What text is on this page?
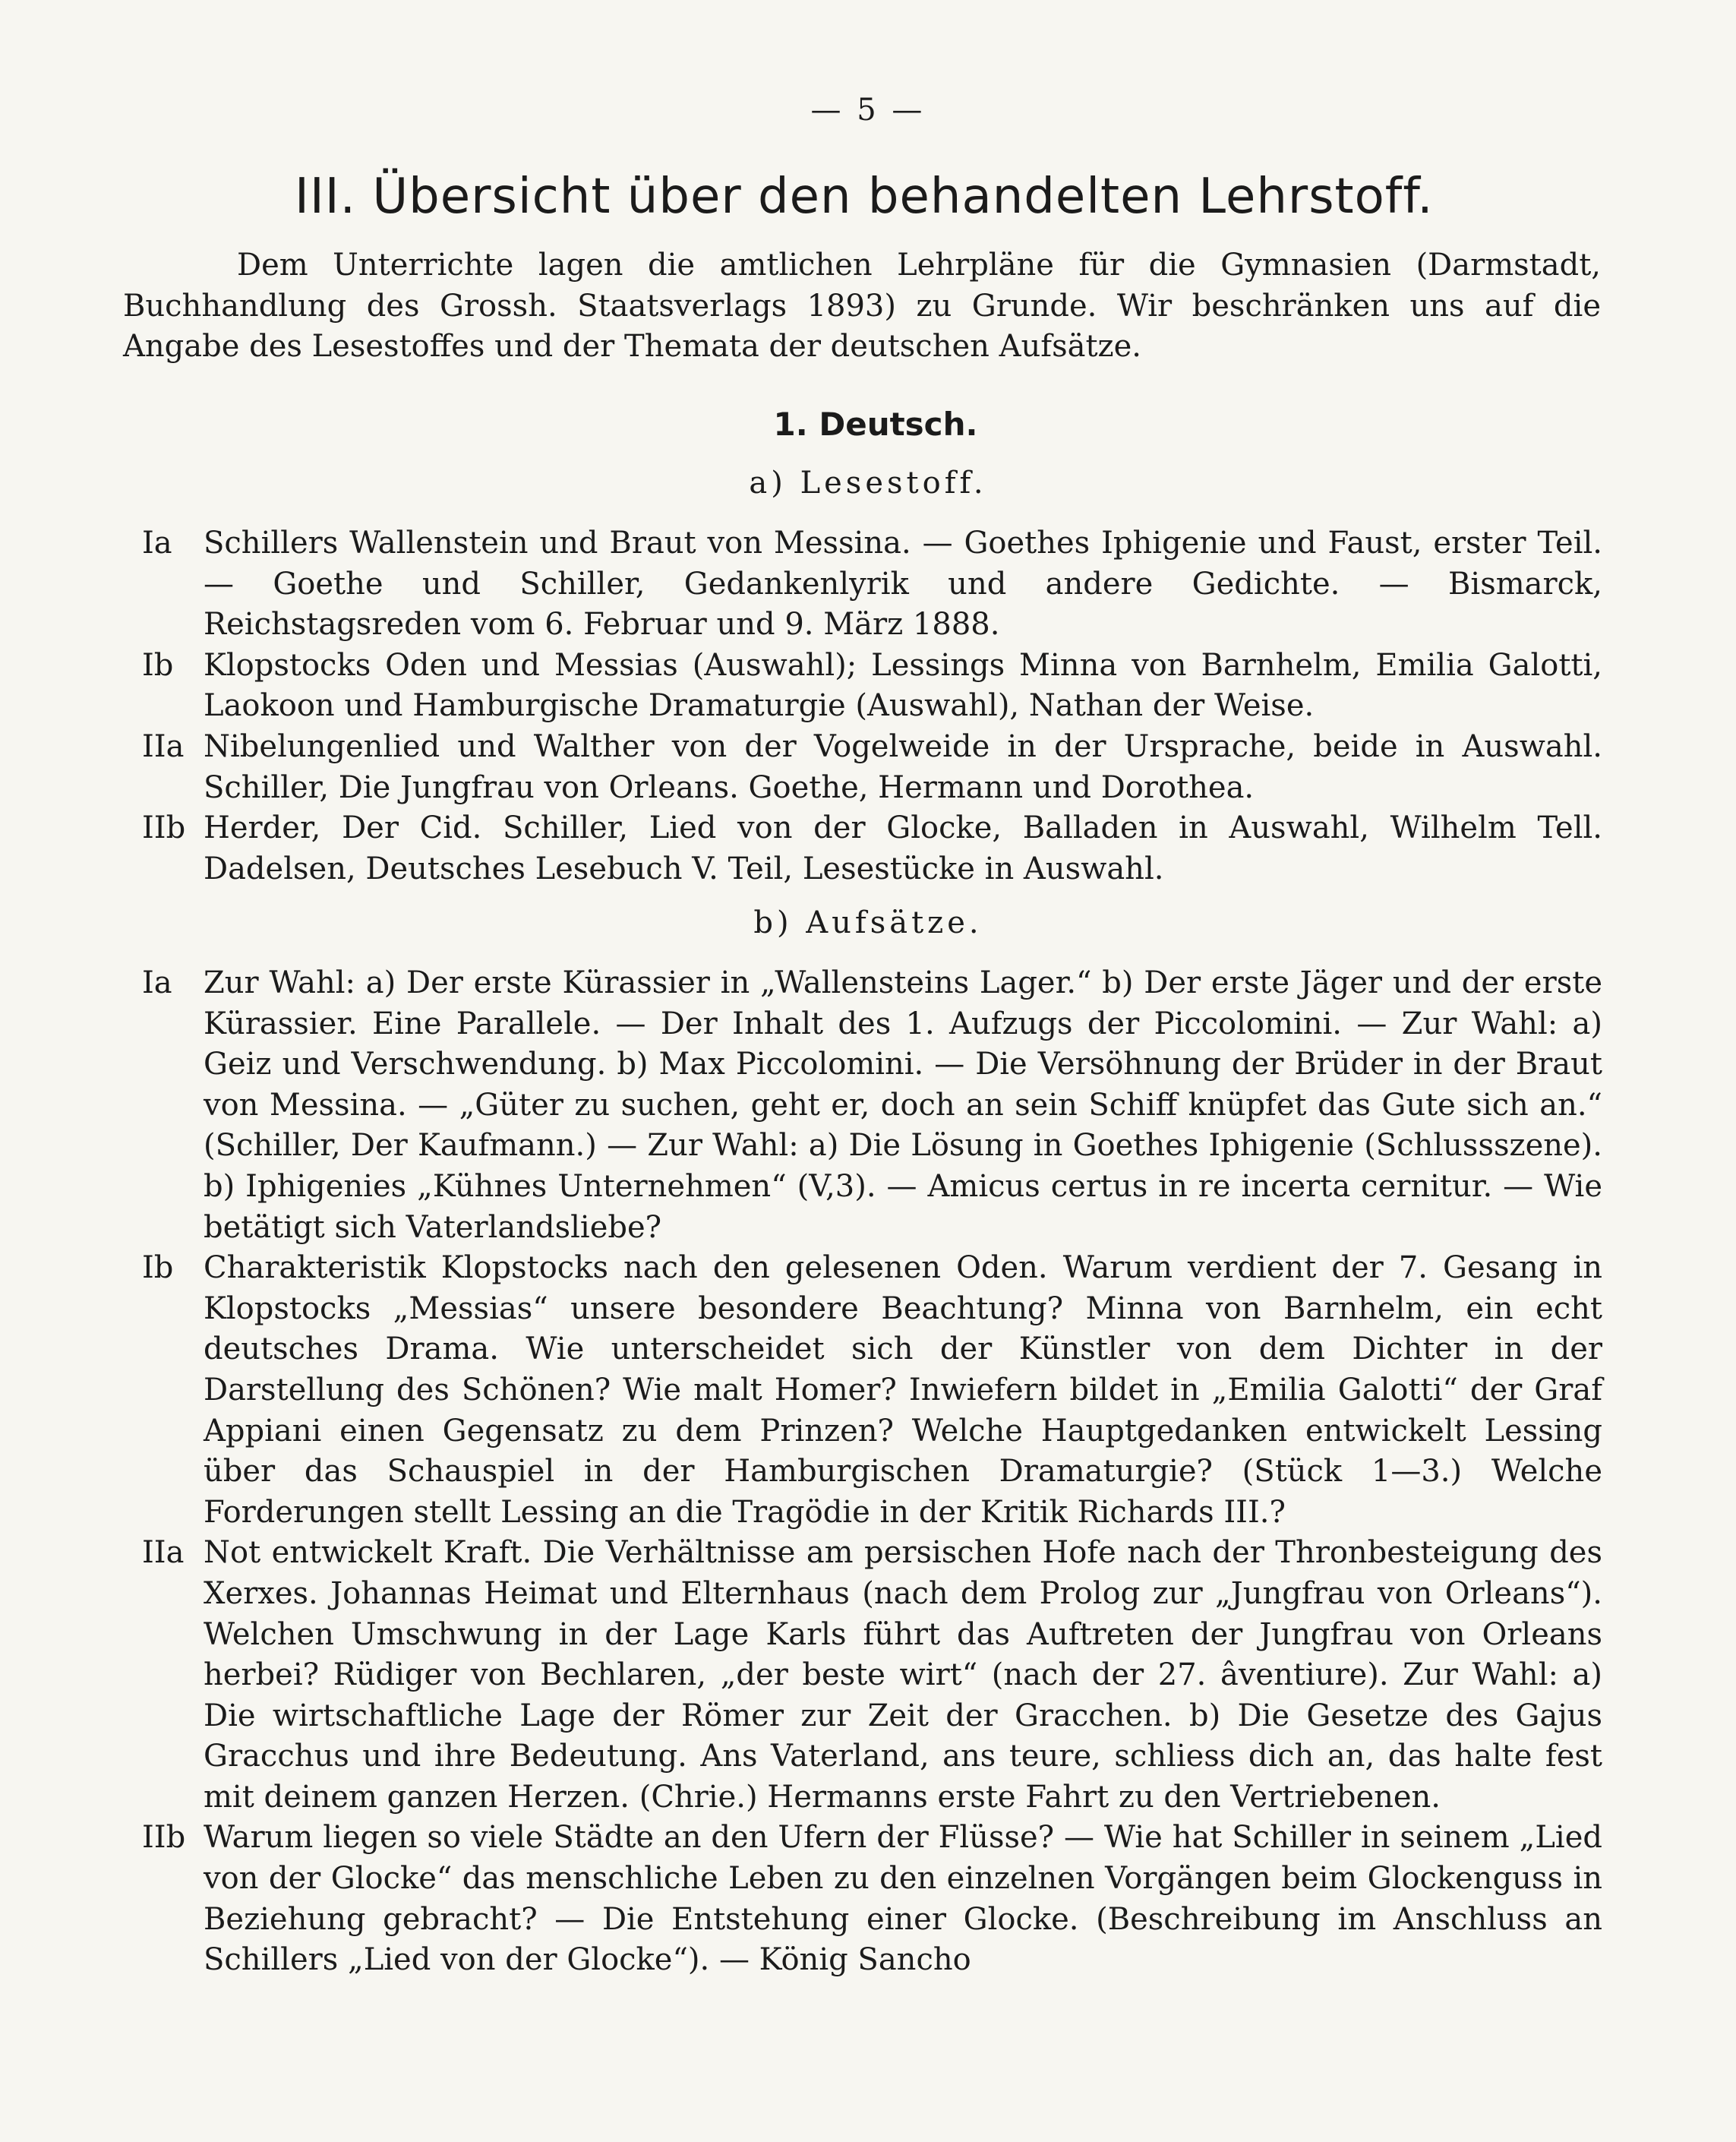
— 5 —
III. Übersicht über den behandelten Lehrstoff.

Dem Unterrichte lagen die amtlichen Lehrpläne für die Gymnasien (Darmstadt, Buchhandlung des Grossh. Staatsverlags 1893) zu Grunde. Wir beschränken uns auf die Angabe des Lesestoffes und der Themata der deutschen Aufsätze.

1. Deutsch.
a) Lesestoff.
Ia	Schillers Wallenstein und Braut von Messina. — Goethes Iphigenie und Faust, erster Teil. — Goethe und Schiller, Gedankenlyrik und andere Gedichte. — Bismarck, Reichstagsreden vom 6. Februar und 9. März 1888.
Ib Klopstocks Oden und Messias (Auswahl); Lessings Minna von Barnhelm, Emilia Galotti, Laokoon und Hamburgische Dramaturgie (Auswahl), Nathan der Weise.
IIa Nibelungenlied und Walther von der Vogelweide in der Ursprache, beide in Auswahl. Schiller, Die Jungfrau von Orleans. Goethe, Hermann und Dorothea.
IIb Herder, Der Cid. Schiller, Lied von der Glocke, Balladen in Auswahl, Wilhelm Tell. Dadelsen, Deutsches Lesebuch V. Teil, Lesestücke in Auswahl.
b) Aufsätze.
Ia	Zur Wahl: a) Der erste Kürassier in „Wallensteins Lager.“ b) Der erste Jäger und der erste Kürassier. Eine Parallele. — Der Inhalt des 1. Aufzugs der Piccolomini. — Zur Wahl: a) Geiz und Verschwendung. b) Max Piccolomini. — Die Versöhnung der Brüder in der Braut von Messina. — „Güter zu suchen, geht er, doch an sein Schiff knüpfet das Gute sich an.“ (Schiller, Der Kaufmann.) — Zur Wahl: a) Die Lösung in Goethes Iphigenie (Schlussszene). b) Iphigenies „Kühnes Unternehmen“ (V,3). — Amicus certus in re incerta cernitur. — Wie betätigt sich Vaterlandsliebe?
Ib Charakteristik Klopstocks nach den gelesenen Oden. Warum verdient der 7. Gesang in Klopstocks „Messias“ unsere besondere Beachtung? Minna von Barnhelm, ein echt deutsches Drama. Wie unterscheidet sich der Künstler von dem Dichter in der Darstellung des Schönen? Wie malt Homer? Inwiefern bildet in „Emilia Galotti“ der Graf Appiani einen Gegensatz zu dem Prinzen? Welche Hauptgedanken entwickelt Lessing über das Schauspiel in der Hamburgischen Dramaturgie? (Stück 1—3.) Welche Forderungen stellt Lessing an die Tragödie in der Kritik Richards III.?
IIa Not entwickelt Kraft. Die Verhältnisse am persischen Hofe nach der Thronbesteigung des Xerxes. Johannas Heimat und Elternhaus (nach dem Prolog zur „Jungfrau von Orleans“). Welchen Umschwung in der Lage Karls führt das Auftreten der Jungfrau von Orleans herbei? Rüdiger von Bechlaren, „der beste wirt“ (nach der 27. âventiure). Zur Wahl: a) Die wirtschaftliche Lage der Römer zur Zeit der Gracchen. b) Die Gesetze des Gajus Gracchus und ihre Bedeutung. Ans Vaterland, ans teure, schliess dich an, das halte fest mit deinem ganzen Herzen. (Chrie.) Hermanns erste Fahrt zu den Vertriebenen.
IIb Warum liegen so viele Städte an den Ufern der Flüsse? — Wie hat Schiller in seinem „Lied von der Glocke“ das menschliche Leben zu den einzelnen Vorgängen beim Glockenguss in Beziehung gebracht? — Die Entstehung einer Glocke. (Beschreibung im Anschluss an Schillers „Lied von der Glocke“). — König Sancho
